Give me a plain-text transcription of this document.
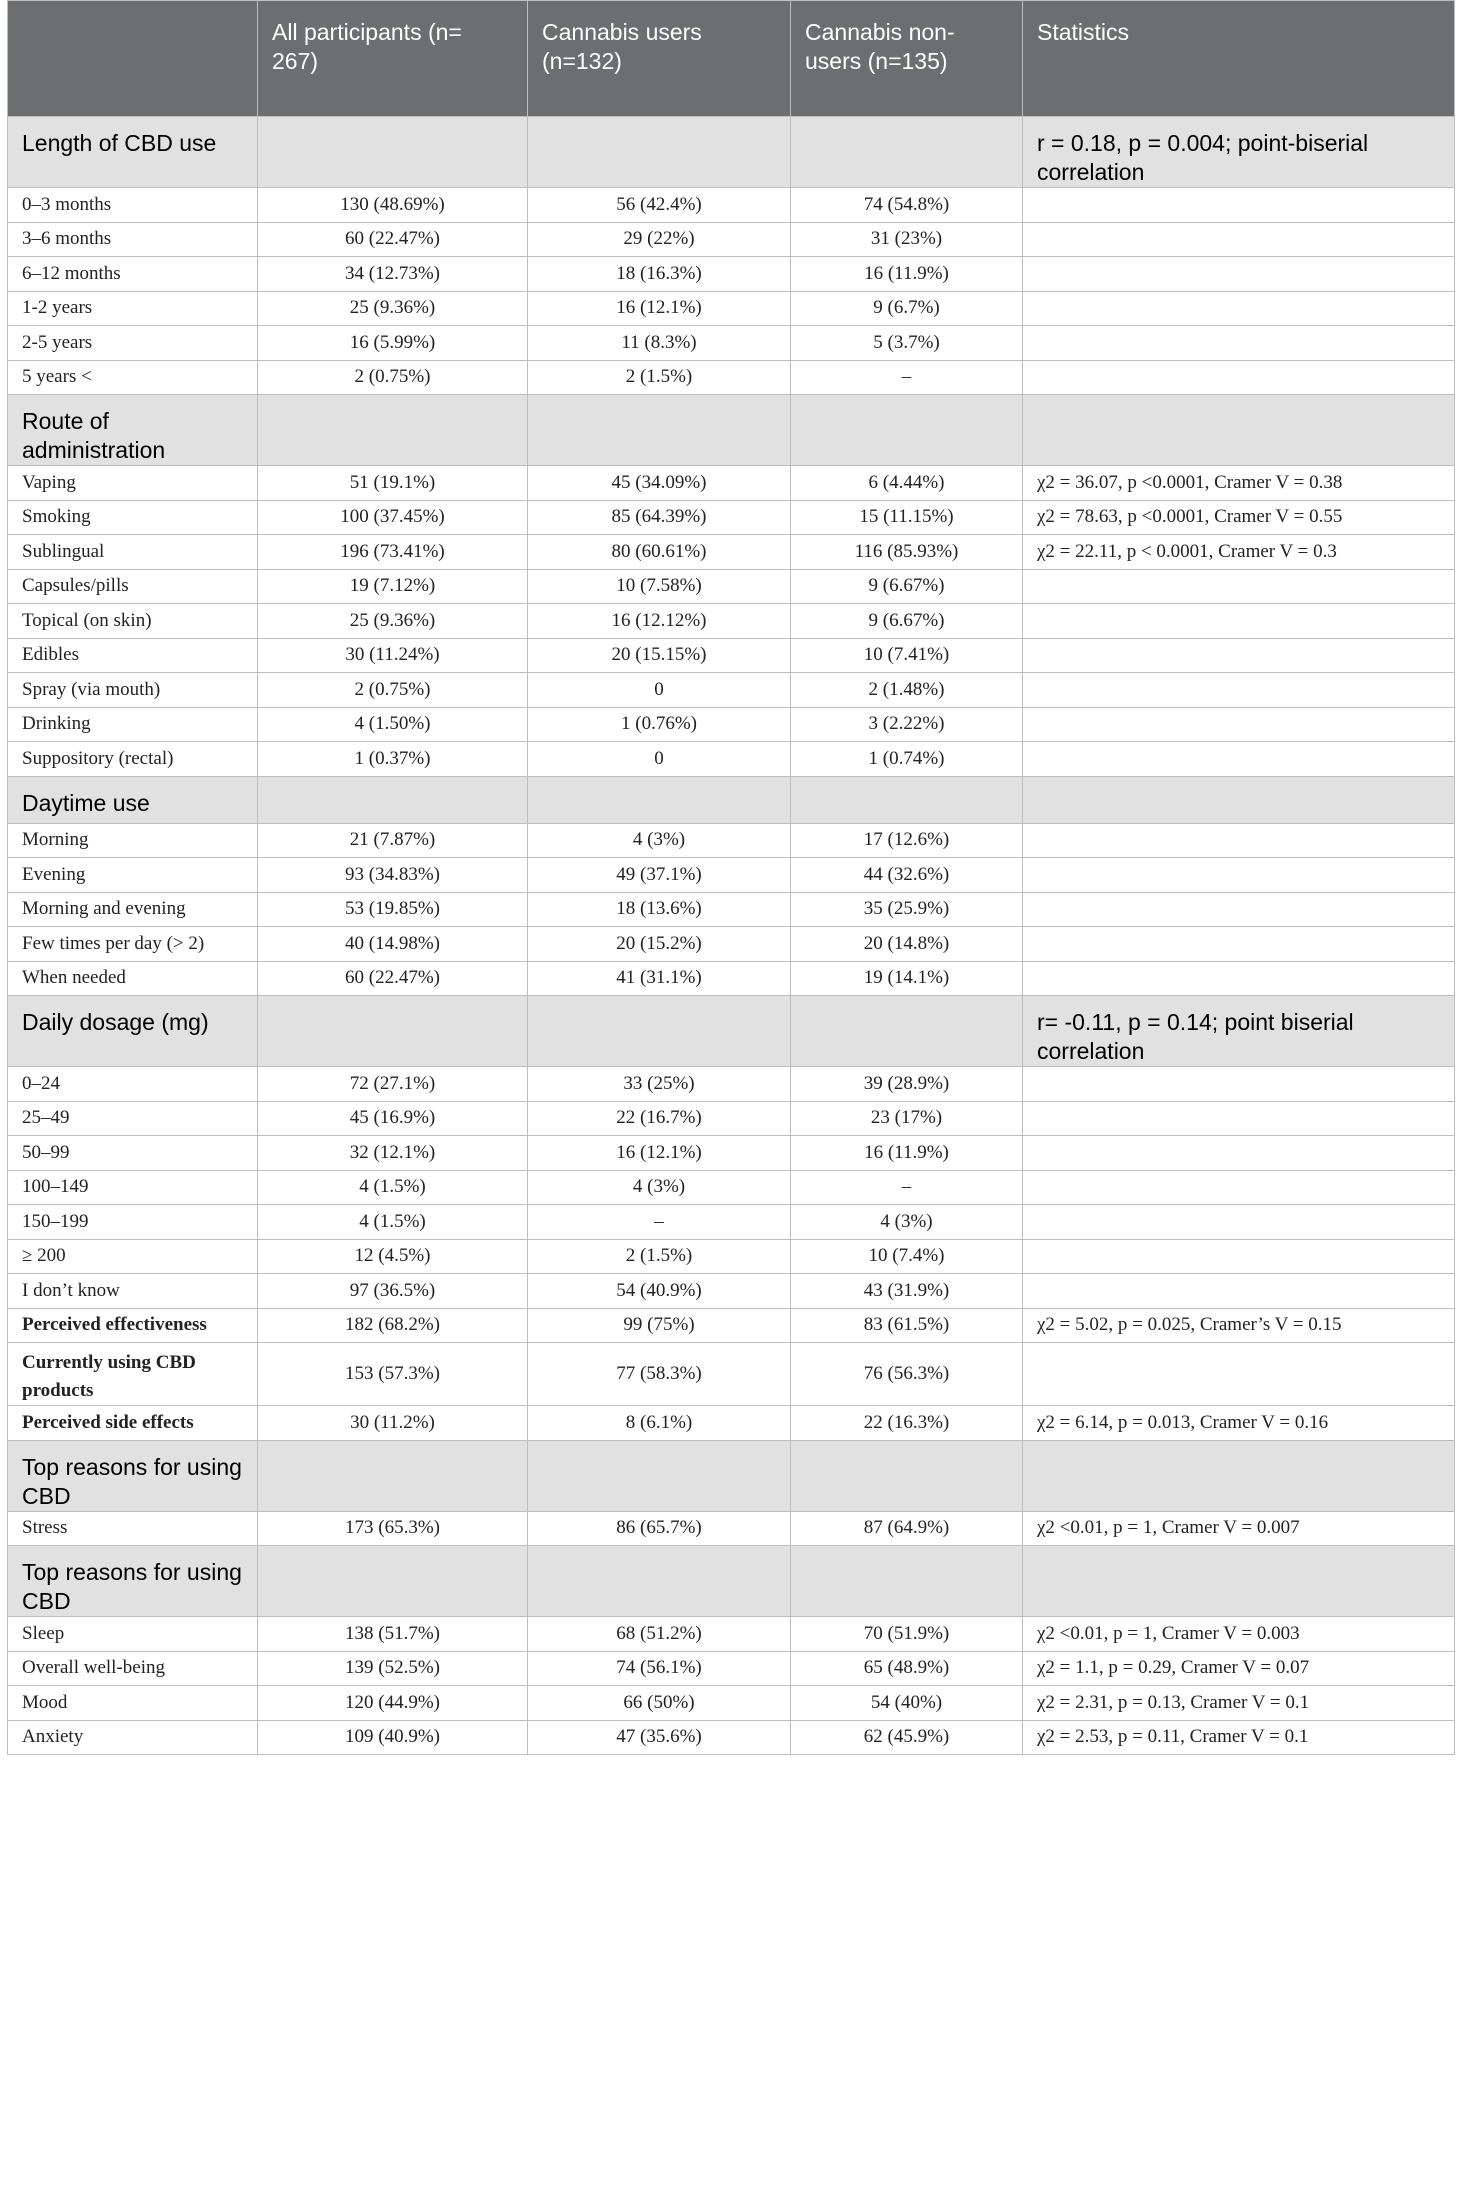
	All participants (n= 267)	Cannabis users (n=132)	Cannabis non-users (n=135)	Statistics

Length of CBD use				r = 0.18, p = 0.004; point-biserial correlation

0–3 months	130 (48.69%)	56 (42.4%)	74 (54.8%)	
3–6 months	60 (22.47%)	29 (22%)	31 (23%)	
6–12 months	34 (12.73%)	18 (16.3%)	16 (11.9%)	
1-2 years	25 (9.36%)	16 (12.1%)	9 (6.7%)	
2-5 years	16 (5.99%)	11 (8.3%)	5 (3.7%)	
5 years <	2 (0.75%)	2 (1.5%)	–	

Route of administration				

Vaping	51 (19.1%)	45 (34.09%)	6 (4.44%)	χ2 = 36.07, p <0.0001, Cramer V = 0.38
Smoking	100 (37.45%)	85 (64.39%)	15 (11.15%)	χ2 = 78.63, p <0.0001, Cramer V = 0.55
Sublingual	196 (73.41%)	80 (60.61%)	116 (85.93%)	χ2 = 22.11, p < 0.0001, Cramer V = 0.3
Capsules/pills	19 (7.12%)	10 (7.58%)	9 (6.67%)	
Topical (on skin)	25 (9.36%)	16 (12.12%)	9 (6.67%)	
Edibles	30 (11.24%)	20 (15.15%)	10 (7.41%)	
Spray (via mouth)	2 (0.75%)	0	2 (1.48%)	
Drinking	4 (1.50%)	1 (0.76%)	3 (2.22%)	
Suppository (rectal)	1 (0.37%)	0	1 (0.74%)	

Daytime use				

Morning	21 (7.87%)	4 (3%)	17 (12.6%)	
Evening	93 (34.83%)	49 (37.1%)	44 (32.6%)	
Morning and evening	53 (19.85%)	18 (13.6%)	35 (25.9%)	
Few times per day (> 2)	40 (14.98%)	20 (15.2%)	20 (14.8%)	
When needed	60 (22.47%)	41 (31.1%)	19 (14.1%)	

Daily dosage (mg)				r= -0.11, p = 0.14; point biserial correlation

0–24	72 (27.1%)	33 (25%)	39 (28.9%)	
25–49	45 (16.9%)	22 (16.7%)	23 (17%)	
50–99	32 (12.1%)	16 (12.1%)	16 (11.9%)	
100–149	4 (1.5%)	4 (3%)	–	
150–199	4 (1.5%)	–	4 (3%)	
≥ 200	12 (4.5%)	2 (1.5%)	10 (7.4%)	
I don’t know	97 (36.5%)	54 (40.9%)	43 (31.9%)	
Perceived effectiveness	182 (68.2%)	99 (75%)	83 (61.5%)	χ2 = 5.02, p = 0.025, Cramer’s V = 0.15
Currently using CBD products	153 (57.3%)	77 (58.3%)	76 (56.3%)	
Perceived side effects	30 (11.2%)	8 (6.1%)	22 (16.3%)	χ2 = 6.14, p = 0.013, Cramer V = 0.16

Top reasons for using CBD				

Stress	173 (65.3%)	86 (65.7%)	87 (64.9%)	χ2 <0.01, p = 1, Cramer V = 0.007

Top reasons for using CBD				

Sleep	138 (51.7%)	68 (51.2%)	70 (51.9%)	χ2 <0.01, p = 1, Cramer V = 0.003
Overall well-being	139 (52.5%)	74 (56.1%)	65 (48.9%)	χ2 = 1.1, p = 0.29, Cramer V = 0.07
Mood	120 (44.9%)	66 (50%)	54 (40%)	χ2 = 2.31, p = 0.13, Cramer V = 0.1
Anxiety	109 (40.9%)	47 (35.6%)	62 (45.9%)	χ2 = 2.53, p = 0.11, Cramer V = 0.1
